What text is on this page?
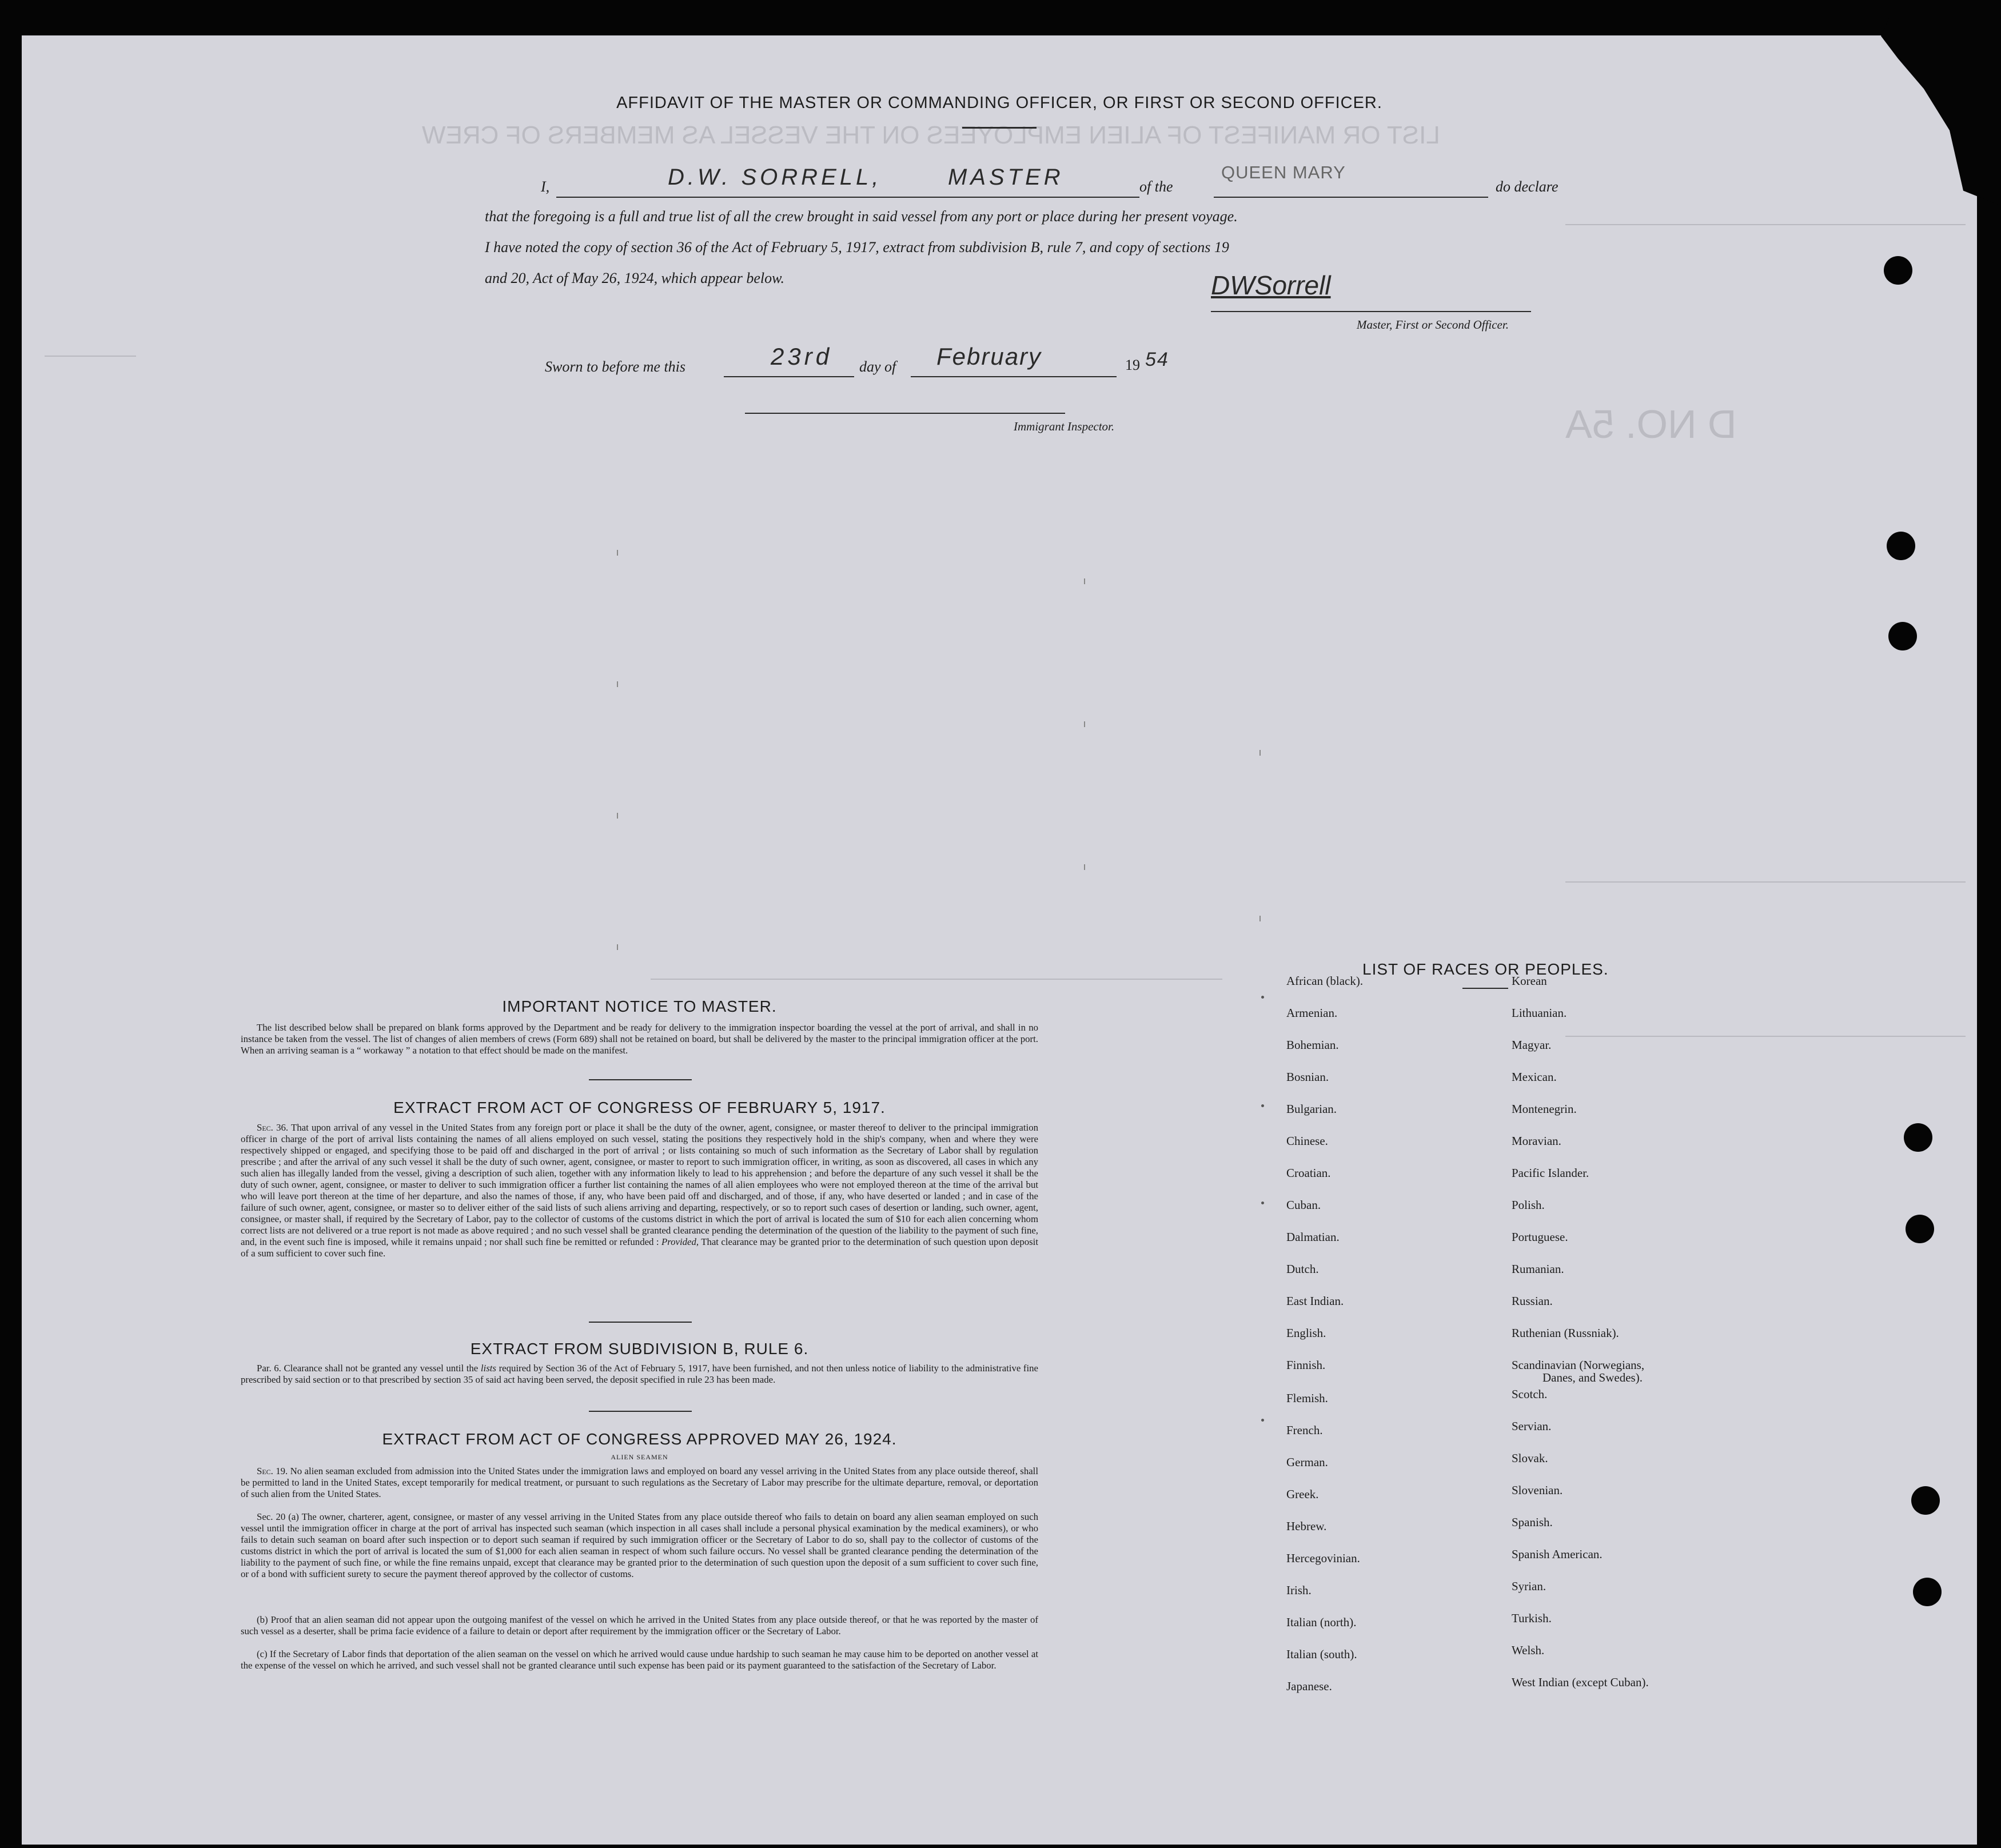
LIST OR MANIFEST OF ALIEN EMPLOYEES ON THE VESSEL AS MEMBERS OF CREW
D NO. 5A
AFFIDAVIT OF THE MASTER OR COMMANDING OFFICER, OR FIRST OR SECOND OFFICER.
I,	D.W. SORRELL,	MASTER	of the
QUEEN MARY
do declare
that the foregoing is a full and true list of all the crew brought in said vessel from any port or place during her present voyage.
I have noted the copy of section 36 of the Act of February 5, 1917, extract from subdivision B, rule 7, and copy of sections 19
and 20, Act of May 26, 1924, which appear below.	DWSorrell
Master, First or Second Officer.
Sworn to before me this	23rd day of February	19 54
Immigrant Inspector.
IMPORTANT NOTICE TO MASTER.

The list described below shall be prepared on blank forms approved by the Department and be ready for delivery to the immigration inspector boarding the vessel at the port of arrival, and shall in no instance be taken from the vessel. The list of changes of alien members of crews (Form 689) shall not be retained on board, but shall be delivered by the master to the principal immigration officer at the port. When an arriving seaman is a “ workaway ” a notation to that effect should be made on the manifest.

EXTRACT FROM ACT OF CONGRESS OF FEBRUARY 5, 1917.

Sec. 36. That upon arrival of any vessel in the United States from any foreign port or place it shall be the duty of the owner, agent, consignee, or master thereof to deliver to the principal immigration officer in charge of the port of arrival lists containing the names of all aliens employed on such vessel, stating the positions they respectively hold in the ship's company, when and where they were respectively shipped or engaged, and specifying those to be paid off and discharged in the port of arrival ; or lists containing so much of such information as the Secretary of Labor shall by regulation prescribe ; and after the arrival of any such vessel it shall be the duty of such owner, agent, consignee, or master to report to such immigration officer, in writing, as soon as discovered, all cases in which any such alien has illegally landed from the vessel, giving a description of such alien, together with any information likely to lead to his apprehension ; and before the departure of any such vessel it shall be the duty of such owner, agent, consignee, or master to deliver to such immigration officer a further list containing the names of all alien employees who were not employed thereon at the time of the arrival but who will leave port thereon at the time of her departure, and also the names of those, if any, who have been paid off and discharged, and of those, if any, who have deserted or landed ; and in case of the failure of such owner, agent, consignee, or master so to deliver either of the said lists of such aliens arriving and departing, respectively, or so to report such cases of desertion or landing, such owner, agent, consignee, or master shall, if required by the Secretary of Labor, pay to the collector of customs of the customs district in which the port of arrival is located the sum of $10 for each alien concerning whom correct lists are not delivered or a true report is not made as above required ; and no such vessel shall be granted clearance pending the determination of the question of the liability to the payment of such fine, and, in the event such fine is imposed, while it remains unpaid ; nor shall such fine be remitted or refunded : Provided, That clearance may be granted prior to the determination of such question upon deposit of a sum sufficient to cover such fine.

EXTRACT FROM SUBDIVISION B, RULE 6.

Par. 6. Clearance shall not be granted any vessel until the lists required by Section 36 of the Act of February 5, 1917, have been furnished, and not then unless notice of liability to the administrative fine prescribed by said section or to that prescribed by section 35 of said act having been served, the deposit specified in rule 23 has been made.

EXTRACT FROM ACT OF CONGRESS APPROVED MAY 26, 1924.
ALIEN SEAMEN

Sec. 19. No alien seaman excluded from admission into the United States under the immigration laws and employed on board any vessel arriving in the United States from any place outside thereof, shall be permitted to land in the United States, except temporarily for medical treatment, or pursuant to such regulations as the Secretary of Labor may prescribe for the ultimate departure, removal, or deportation of such alien from the United States.

Sec. 20 (a) The owner, charterer, agent, consignee, or master of any vessel arriving in the United States from any place outside thereof who fails to detain on board any alien seaman employed on such vessel until the immigration officer in charge at the port of arrival has inspected such seaman (which inspection in all cases shall include a personal physical examination by the medical examiners), or who fails to detain such seaman on board after such inspection or to deport such seaman if required by such immigration officer or the Secretary of Labor to do so, shall pay to the collector of customs of the customs district in which the port of arrival is located the sum of $1,000 for each alien seaman in respect of whom such failure occurs. No vessel shall be granted clearance pending the determination of the liability to the payment of such fine, or while the fine remains unpaid, except that clearance may be granted prior to the determination of such question upon the deposit of a sum sufficient to cover such fine, or of a bond with sufficient surety to secure the payment thereof approved by the collector of customs.

(b) Proof that an alien seaman did not appear upon the outgoing manifest of the vessel on which he arrived in the United States from any place outside thereof, or that he was reported by the master of such vessel as a deserter, shall be prima facie evidence of a failure to detain or deport after requirement by the immigration officer or the Secretary of Labor.

(c) If the Secretary of Labor finds that deportation of the alien seaman on the vessel on which he arrived would cause undue hardship to such seaman he may cause him to be deported on another vessel at the expense of the vessel on which he arrived, and such vessel shall not be granted clearance until such expense has been paid or its payment guaranteed to the satisfaction of the Secretary of Labor.

LIST OF RACES OR PEOPLES.
African (black).
Armenian.
Bohemian.
Bosnian.
Bulgarian.
Chinese.
Croatian.
Cuban.
Dalmatian.
Dutch.
East Indian.
English.
Finnish.
Flemish.
French.
German.
Greek.
Hebrew.
Hercegovinian.
Irish.
Italian (north).
Italian (south).
Japanese.
Korean
Lithuanian.
Magyar.
Mexican.
Montenegrin.
Moravian.
Pacific Islander.
Polish.
Portuguese.
Rumanian.
Russian.
Ruthenian (Russniak).
Scandinavian (Norwegians,
Scotch.
Servian.
Slovak.
Slovenian.
Spanish.
Spanish American.
Syrian.
Turkish.
Welsh.
West Indian (except Cuban).
Danes, and Swedes).
